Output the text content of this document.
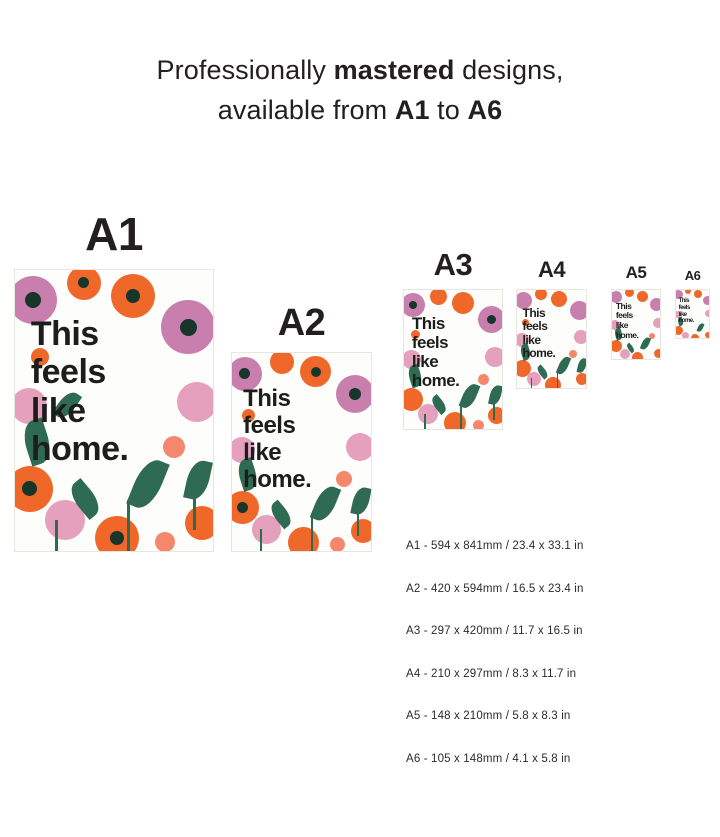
Professionally mastered designs,
available from A1 to A6
A1
This
feels
like
home.
A2
This
feels
like
home.
A3
This
feels
like
home.
A4
This
feels
like
home.
A5
This
feels
like
home.
A6
This
feels
like
home.
A1 - 594 x 841mm / 23.4 x 33.1 in
A2 - 420 x 594mm / 16.5 x 23.4 in
A3 - 297 x 420mm / 11.7 x 16.5 in
A4 - 210 x 297mm / 8.3 x 11.7 in
A5 - 148 x 210mm / 5.8 x 8.3 in
A6 - 105 x 148mm / 4.1 x 5.8 in
